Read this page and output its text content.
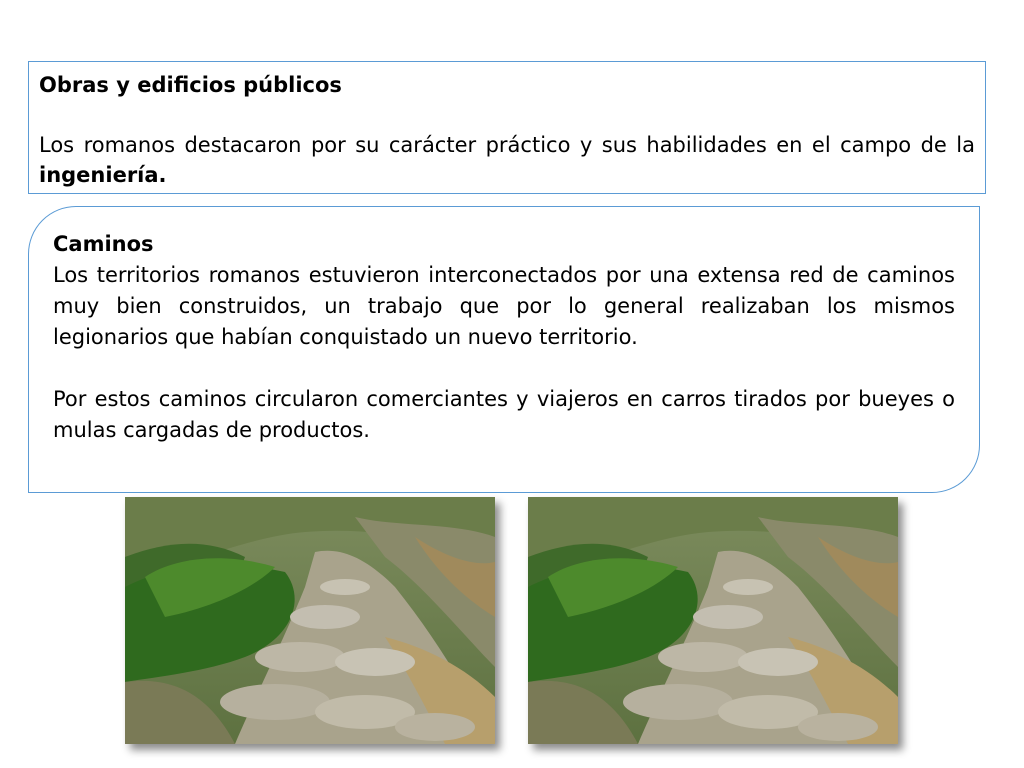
Obras y edificios públicos

Los romanos destacaron por su carácter práctico y sus habilidades en el campo de la ingeniería.

Caminos

Los territorios romanos estuvieron interconectados por una extensa red de caminos muy bien construidos, un trabajo que por lo general realizaban los mismos legionarios que habían conquistado un nuevo territorio.

Por estos caminos circularon comerciantes y viajeros en carros tirados por bueyes o mulas cargadas de productos.
